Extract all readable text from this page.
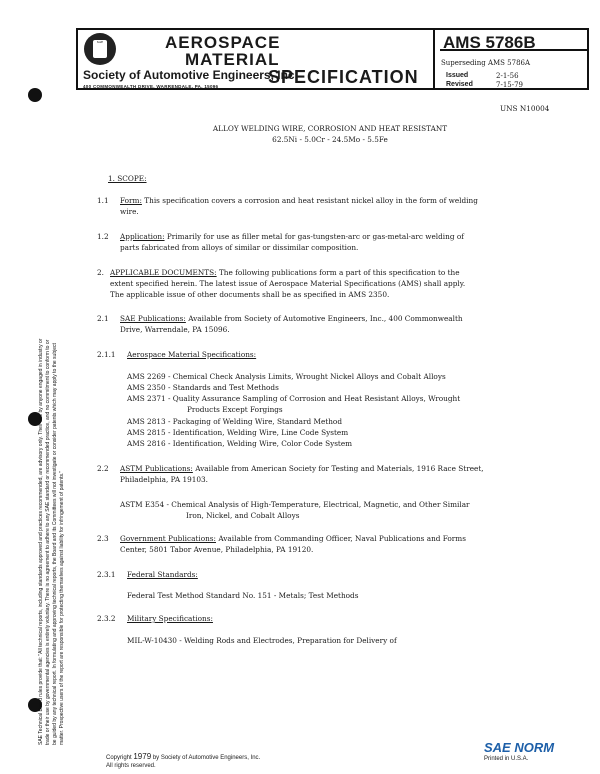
SAE Technical Board rules provide that: "All technical reports, including standards approved and practices recommended, are advisory only. Their use by anyone engaged in industry or trade or their use by governmental agencies is entirely voluntary. There is no agreement to adhere to any SAE standard or recommended practice, and no commitment to conform to or be guided by any technical report. In formulating and approving technical reports, the Board and its Committees will not investigate or consider patents which may apply to the subject matter. Prospective users of the report are responsible for protecting themselves against liability for infringement of patents."
SAE	AEROSPACE
MATERIAL
SPECIFICATION
Society of Automotive Engineers, Inc.
400 COMMONWEALTH DRIVE, WARRENDALE, PA. 15096
AMS 5786B
Superseding AMS 5786A
Issued	2-1-56
Revised	7-15-79
UNS N10004
ALLOY WELDING WIRE, CORROSION AND HEAT RESISTANT
62.5Ni - 5.0Cr - 24.5Mo - 5.5Fe
1. SCOPE:
1.1 Form: This specification covers a corrosion and heat resistant nickel alloy in the form of welding
wire.
1.2 Application: Primarily for use as filler metal for gas-tungsten-arc or gas-metal-arc welding of
parts fabricated from alloys of similar or dissimilar composition.
2. APPLICABLE DOCUMENTS: The following publications form a part of this specification to the
extent specified herein. The latest issue of Aerospace Material Specifications (AMS) shall apply.
The applicable issue of other documents shall be as specified in AMS 2350.
2.1 SAE Publications: Available from Society of Automotive Engineers, Inc., 400 Commonwealth
Drive, Warrendale, PA 15096.
2.1.1 Aerospace Material Specifications:
AMS 2269 - Chemical Check Analysis Limits, Wrought Nickel Alloys and Cobalt Alloys
AMS 2350 - Standards and Test Methods
AMS 2371 - Quality Assurance Sampling of Corrosion and Heat Resistant Alloys, Wrought
Products Except Forgings
AMS 2813 - Packaging of Welding Wire, Standard Method
AMS 2815 - Identification, Welding Wire, Line Code System
AMS 2816 - Identification, Welding Wire, Color Code System
2.2 ASTM Publications: Available from American Society for Testing and Materials, 1916 Race Street,
Philadelphia, PA 19103.
ASTM E354 - Chemical Analysis of High-Temperature, Electrical, Magnetic, and Other Similar
Iron, Nickel, and Cobalt Alloys
2.3 Government Publications: Available from Commanding Officer, Naval Publications and Forms
Center, 5801 Tabor Avenue, Philadelphia, PA 19120.
2.3.1 Federal Standards:
Federal Test Method Standard No. 151 - Metals; Test Methods
2.3.2 Military Specifications:
MIL-W-10430 - Welding Rods and Electrodes, Preparation for Delivery of
Copyright 1979 by Society of Automotive Engineers, Inc.
All rights reserved.
Printed in U.S.A.
SAE NORM
